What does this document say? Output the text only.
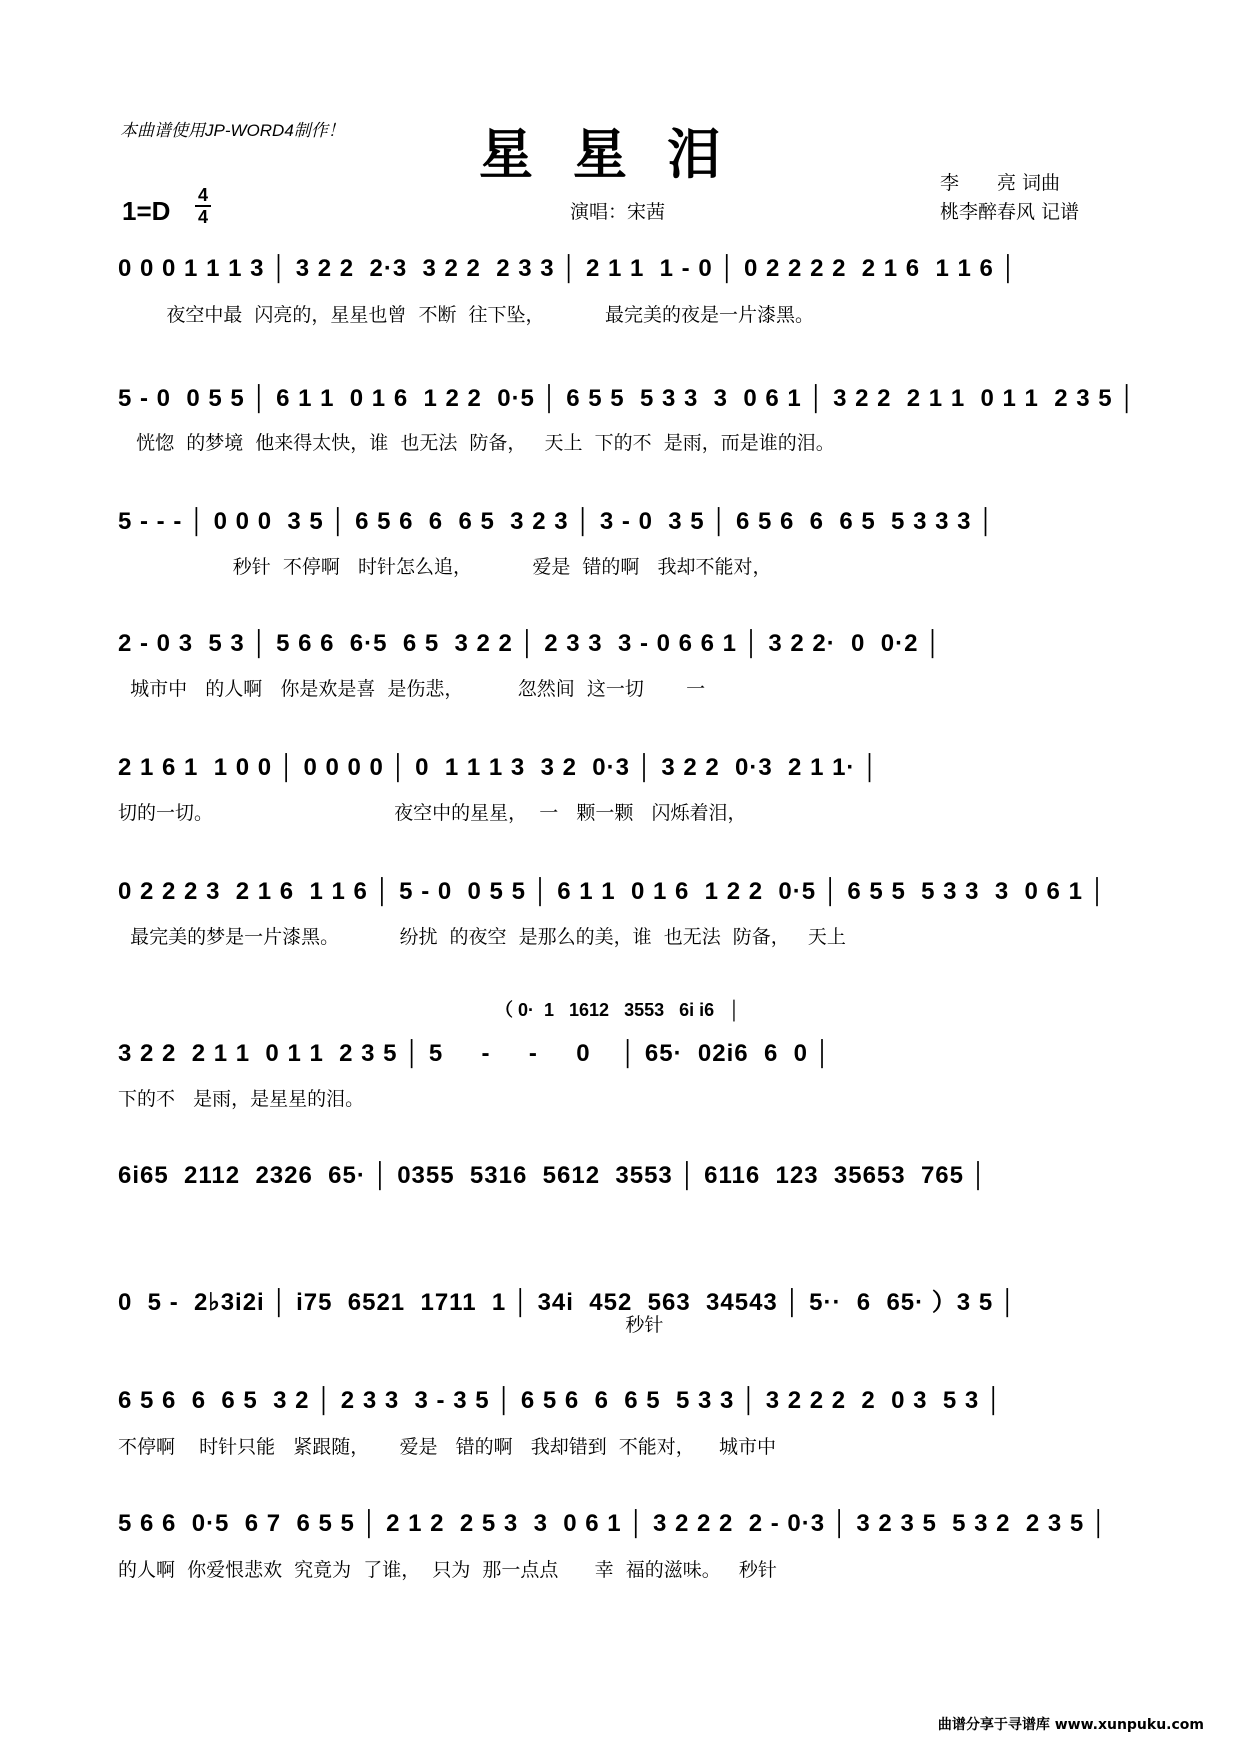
本曲谱使用JP-WORD4制作！	星星泪
1=D
4
4	演唱：宋茜
李　　亮 词曲
桃李醉春风 记谱
0 0 0 1 1 1 3 │ 3 2 2  2·3  3 2 2  2 3 3 │ 2 1 1  1 - 0 │ 0 2 2 2 2  2 1 6  1 1 6 │
夜空中最  闪亮的，星星也曾  不断  往下坠，          最完美的夜是一片漆黑。
5 - 0  0 5 5 │ 6 1 1  0 1 6  1 2 2  0·5 │ 6 5 5  5 3 3  3  0 6 1 │ 3 2 2  2 1 1  0 1 1  2 3 5 │
恍惚  的梦境  他来得太快，谁  也无法  防备，   天上  下的不  是雨，而是谁的泪。
5 - - - │ 0 0 0  3 5 │ 6 5 6  6  6 5  3 2 3 │ 3 - 0  3 5 │ 6 5 6  6  6 5  5 3 3 3 │
秒针  不停啊   时针怎么追，          爱是  错的啊   我却不能对，
2 - 0 3  5 3 │ 5 6 6  6·5  6 5  3 2 2 │ 2 3 3  3 - 0 6 6 1 │ 3 2 2·  0  0·2 │
城市中   的人啊   你是欢是喜  是伤悲，         忽然间  这一切       一
2 1 6 1  1 0 0 │ 0 0 0 0 │ 0  1 1 1 3  3 2  0·3 │ 3 2 2  0·3  2 1 1· │
切的一切。                              夜空中的星星，  一   颗一颗   闪烁着泪，
0 2 2 2 3  2 1 6  1 1 6 │ 5 - 0  0 5 5 │ 6 1 1  0 1 6  1 2 2  0·5 │ 6 5 5  5 3 3  3  0 6 1 │
最完美的梦是一片漆黑。          纷扰  的夜空  是那么的美，谁  也无法  防备，   天上
（ 0·  1   1612   3553   6i i6   │
3 2 2  2 1 1  0 1 1  2 3 5 │ 5     -     -     0    │ 65·  02i6  6  0 │
下的不   是雨，是星星的泪。
6i65  2112  2326  65· │ 0355  5316  5612  3553 │ 6116  123  35653  765 │
0  5 -  2♭3i2i │ i75  6521  1711  1 │ 34i  452  563  34543 │ 5··  6  65· ）3 5 │
秒针
6 5 6  6  6 5  3 2 │ 2 3 3  3 - 3 5 │ 6 5 6  6  6 5  5 3 3 │ 3 2 2 2  2  0 3  5 3 │
不停啊    时针只能   紧跟随，     爱是   错的啊   我却错到  不能对，    城市中
5 6 6  0·5  6 7  6 5 5 │ 2 1 2  2 5 3  3  0 6 1 │ 3 2 2 2  2 - 0·3 │ 3 2 3 5  5 3 2  2 3 5 │
的人啊  你爱恨悲欢  究竟为  了谁，  只为  那一点点      幸  福的滋味。   秒针
曲谱分享于寻谱库 www.xunpuku.com
